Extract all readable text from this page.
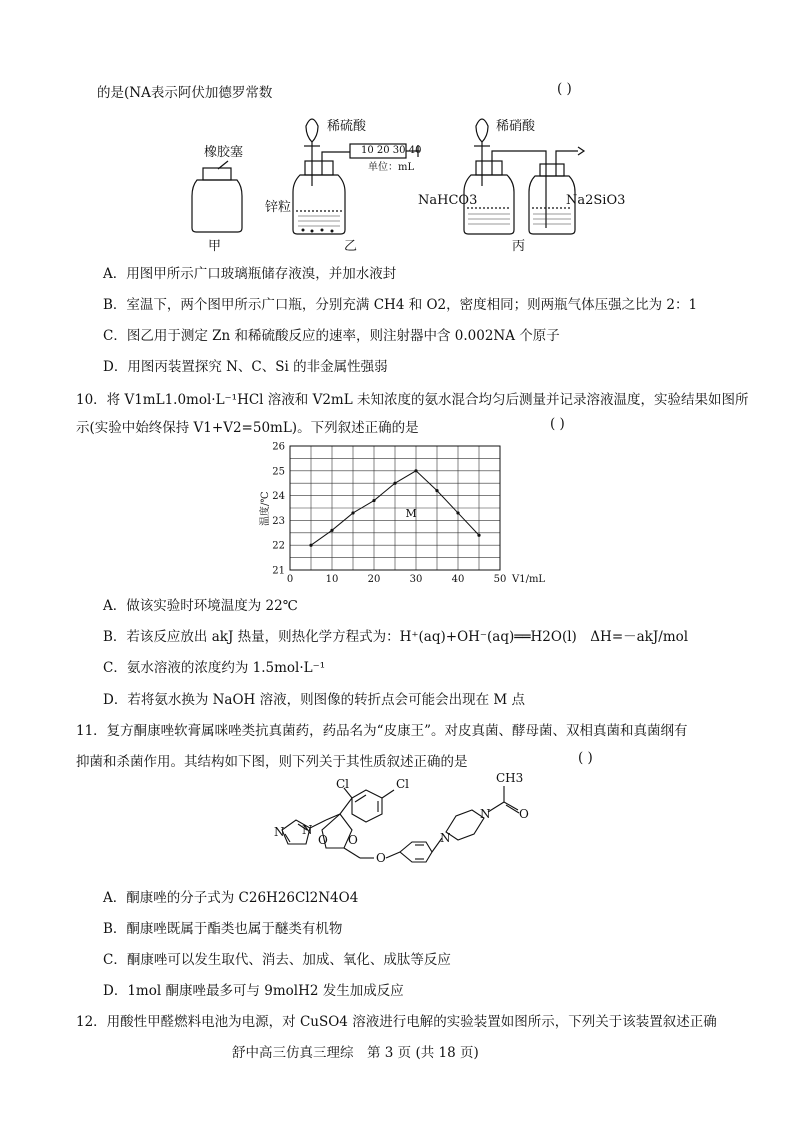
的是(NA表示阿伏加德罗常数	( )
橡胶塞
稀硫酸
10 20 30 40
单位：mL
锌粒
稀硝酸
NaHCO3	Na2SiO3
甲	乙	丙
A．用图甲所示广口玻璃瓶储存液溴，并加水液封
B．室温下，两个图甲所示广口瓶，分别充满 CH4 和 O2，密度相同；则两瓶气体压强之比为 2：1
C．图乙用于测定 Zn 和稀硫酸反应的速率，则注射器中含 0.002NA 个原子
D．用图丙装置探究 N、C、Si 的非金属性强弱
10．将 V1mL1.0mol·L⁻¹HCl 溶液和 V2mL 未知浓度的氨水混合均匀后测量并记录溶液温度，实验结果如图所
示(实验中始终保持 V1+V2=50mL)。下列叙述正确的是	( )
0	10	20	30	40	50
21
22
23
24
25
26
M
V1/mL
温度/℃
A．做该实验时环境温度为 22℃
B．若该反应放出 akJ 热量，则热化学方程式为：H⁺(aq)+OH⁻(aq)══H2O(l)　ΔH=－akJ/mol
C．氨水溶液的浓度约为 1.5mol·L⁻¹
D．若将氨水换为 NaOH 溶液，则图像的转折点会可能会出现在 M 点
11．复方酮康唑软膏属咪唑类抗真菌药，药品名为“皮康王”。对皮真菌、酵母菌、双相真菌和真菌纲有
抑菌和杀菌作用。其结构如下图，则下列关于其性质叙述正确的是	( )
N
N
Cl	Cl
O O
O
N
N
CH3
O
A．酮康唑的分子式为 C26H26Cl2N4O4
B．酮康唑既属于酯类也属于醚类有机物
C．酮康唑可以发生取代、消去、加成、氧化、成肽等反应
D．1mol 酮康唑最多可与 9molH2 发生加成反应
12．用酸性甲醛燃料电池为电源，对 CuSO4 溶液进行电解的实验装置如图所示，下列关于该装置叙述正确
舒中高三仿真三理综　第 3 页 (共 18 页)
